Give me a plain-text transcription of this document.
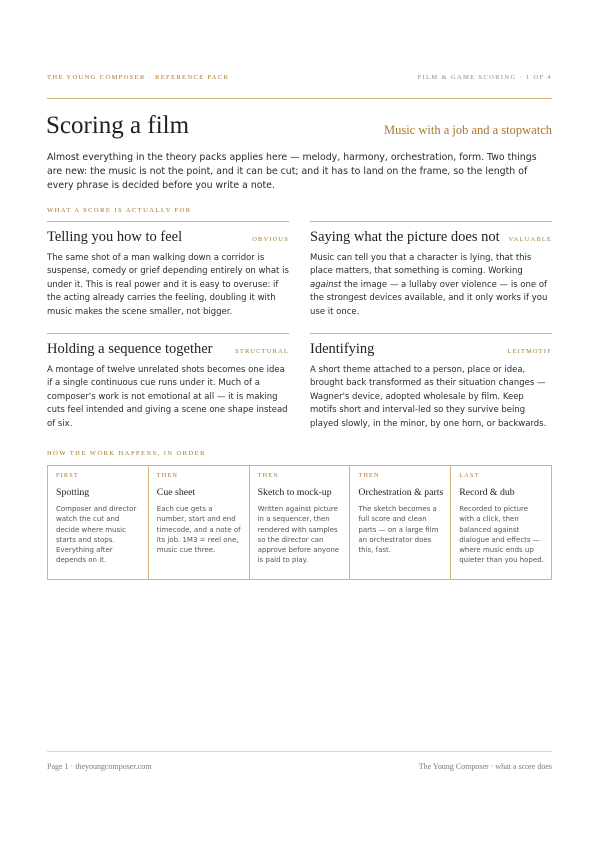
THE YOUNG COMPOSER · REFERENCE PACK	FILM & GAME SCORING · 1 OF 4
Scoring a film	Music with a job and a stopwatch

Almost everything in the theory packs applies here — melody, harmony, orchestration, form. Two things are new: the music is not the point, and it can be cut; and it has to land on the frame, so the length of every phrase is decided before you write a note.

WHAT A SCORE IS ACTUALLY FOR
Telling you how to feel	OBVIOUS

The same shot of a man walking down a corridor is suspense, comedy or grief depending entirely on what is under it. This is real power and it is easy to overuse: if the acting already carries the feeling, doubling it with music makes the scene smaller, not bigger.

Saying what the picture does not VALUABLE

Music can tell you that a character is lying, that this place matters, that something is coming. Working against the image — a lullaby over violence — is one of the strongest devices available, and it only works if you use it once.

Holding a sequence together	STRUCTURAL

A montage of twelve unrelated shots becomes one idea if a single continuous cue runs under it. Much of a composer's work is not emotional at all — it is making cuts feel intended and giving a scene one shape instead of six.

Identifying	LEITMOTIF

A short theme attached to a person, place or idea, brought back transformed as their situation changes — Wagner's device, adopted wholesale by film. Keep motifs short and interval-led so they survive being played slowly, in the minor, by one horn, or backwards.

HOW THE WORK HAPPENS, IN ORDER
FIRST
Spotting
Composer and director watch the cut and decide where music starts and stops. Everything after depends on it.
THEN
Cue sheet
Each cue gets a number, start and end timecode, and a note of its job. 1M3 = reel one, music cue three.
THEN
Sketch to mock-up
Written against picture in a sequencer, then rendered with samples so the director can approve before anyone is paid to play.
THEN
Orchestration & parts
The sketch becomes a full score and clean parts — on a large film an orchestrator does this, fast.
LAST
Record & dub
Recorded to picture with a click, then balanced against dialogue and effects — where music ends up quieter than you hoped.
Page 1 · theyoungcomposer.com	The Young Composer · what a score does
